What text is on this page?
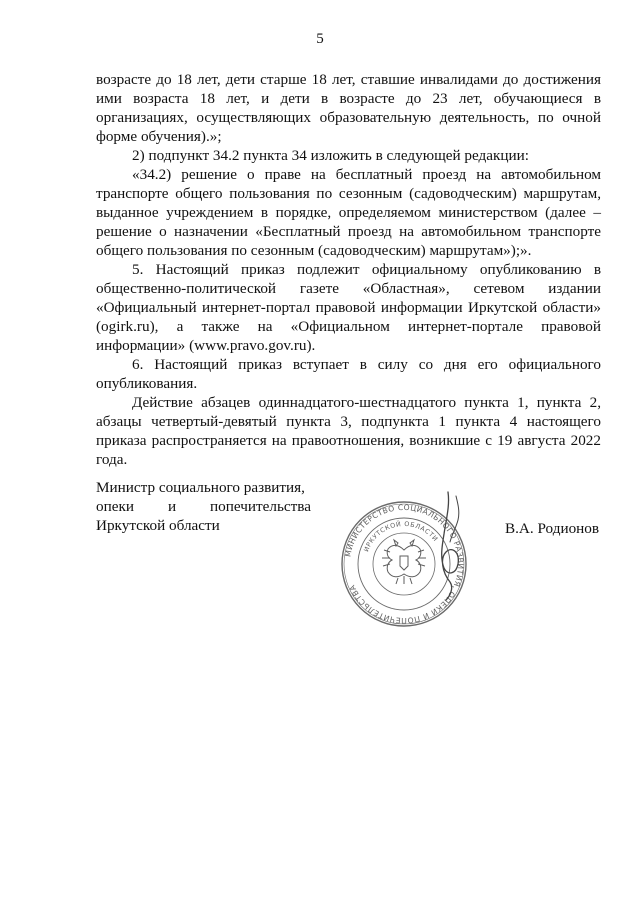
5

возрасте до 18 лет, дети старше 18 лет, ставшие инвалидами до достижения ими возраста 18 лет, и дети в возрасте до 23 лет, обучающиеся в организациях, осуществляющих образовательную деятельность, по очной форме обучения).»;

2) подпункт 34.2 пункта 34 изложить в следующей редакции:

«34.2) решение о праве на бесплатный проезд на автомобильном транспорте общего пользования по сезонным (садоводческим) маршрутам, выданное учреждением в порядке, определяемом министерством (далее – решение о назначении «Бесплатный проезд на автомобильном транспорте общего пользования по сезонным (садоводческим) маршрутам»);».

5. Настоящий приказ подлежит официальному опубликованию в общественно-политической газете «Областная», сетевом издании «Официальный интернет-портал правовой информации Иркутской области» (ogirk.ru), а также на «Официальном интернет-портале правовой информации» (www.pravo.gov.ru).

6. Настоящий приказ вступает в силу со дня его официального опубликования.

Действие абзацев одиннадцатого-шестнадцатого пункта 1, пункта 2, абзацы четвертый-девятый пункта 3, подпункта 1 пункта 4 настоящего приказа распространяется на правоотношения, возникшие с 19 августа 2022 года.

Министр социального развития,
опеки и попечительства
Иркутской области
МИНИСТЕРСТВО СОЦИАЛЬНОГО РАЗВИТИЯ, ОПЕКИ И ПОПЕЧИТЕЛЬСТВА
ИРКУТСКОЙ ОБЛАСТИ
В.А. Родионов
